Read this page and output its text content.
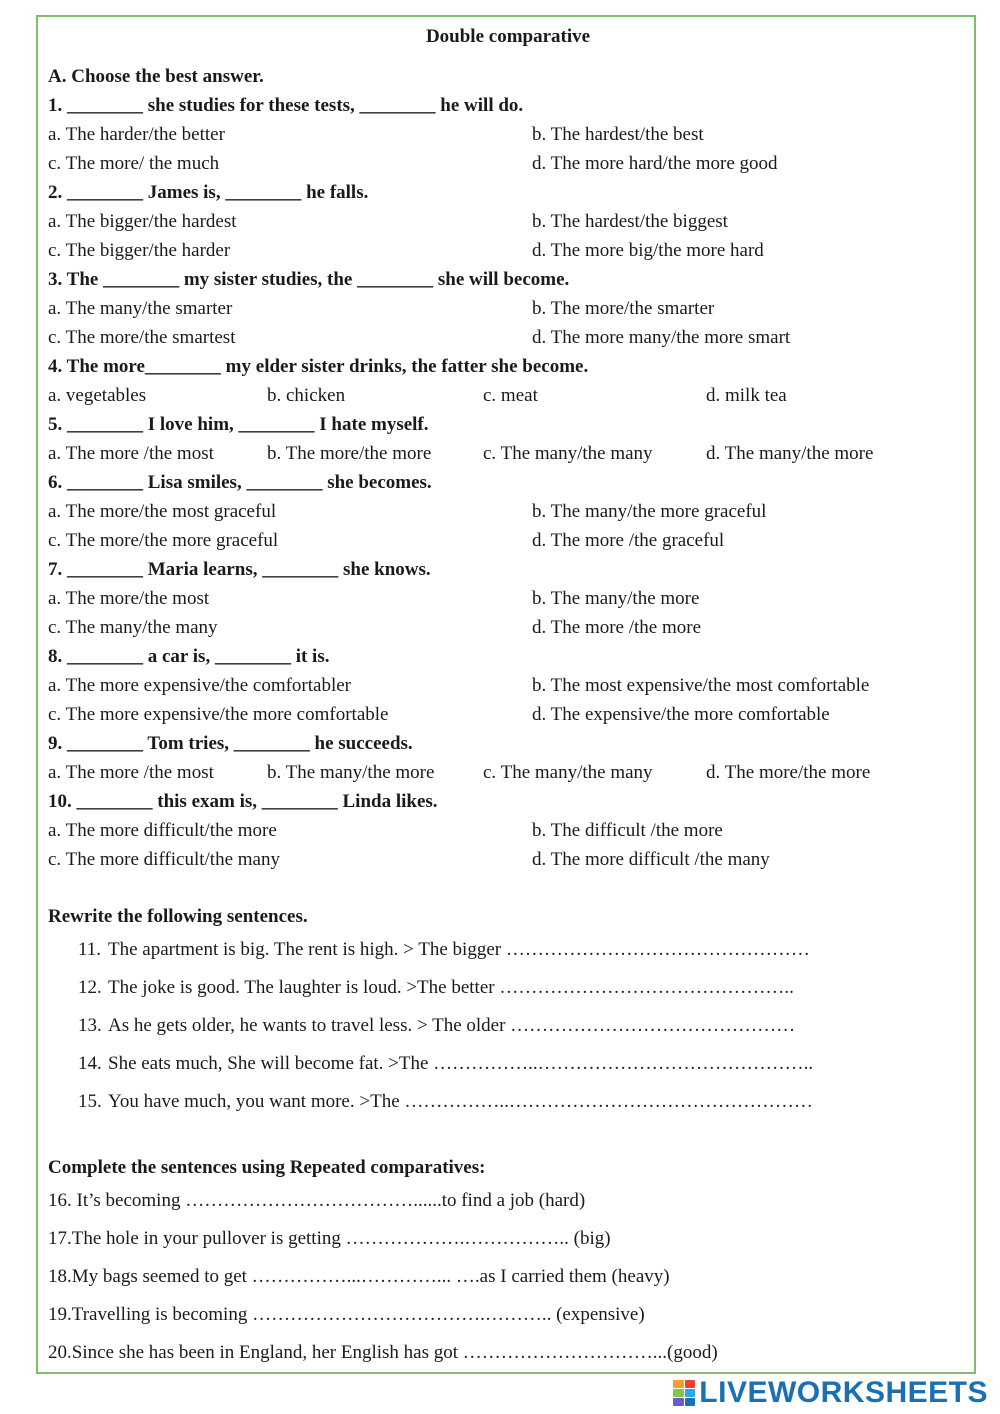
Double comparative
A. Choose the best answer.
1. ________ she studies for these tests, ________ he will do.
a. The harder/the better	b. The hardest/the best
c. The more/ the much	d. The more hard/the more good
2. ________ James is, ________ he falls.
a. The bigger/the hardest	b. The hardest/the biggest
c. The bigger/the harder	d. The more big/the more hard
3. The ________ my sister studies, the ________ she will become.
a. The many/the smarter	b. The more/the smarter
c. The more/the smartest	d. The more many/the more smart
4. The more________ my elder sister drinks, the fatter she become.
a. vegetables	b. chicken	c. meat	d. milk tea
5. ________ I love him, ________ I hate myself.
a. The more /the most	b. The more/the more	c. The many/the many	d. The many/the more
6. ________ Lisa smiles, ________ she becomes.
a. The more/the most graceful	b. The many/the more graceful
c. The more/the more graceful	d. The more /the graceful
7. ________ Maria learns, ________ she knows.
a. The more/the most	b. The many/the more
c. The many/the many	d. The more /the more
8. ________ a car is, ________ it is.
a. The more expensive/the comfortabler	b. The most expensive/the most comfortable
c. The more expensive/the more comfortable	d. The expensive/the more comfortable
9. ________ Tom tries, ________ he succeeds.
a. The more /the most	b. The many/the more	c. The many/the many	d. The more/the more
10. ________ this exam is, ________ Linda likes.
a. The more difficult/the more	b. The difficult /the more
c. The more difficult/the many	d. The more difficult /the many
Rewrite the following sentences.
11. The apartment is big. The rent is high. > The bigger …………………………………………
12. The joke is good. The laughter is loud. >The better ………………………………………..
13. As he gets older, he wants to travel less. > The older ………………………………………
14. She eats much, She will become fat. >The ……………..……………………………………..
15. You have much, you want more. >The ……………..…………………………………………
Complete the sentences using Repeated comparatives:
16. It’s becoming ………………………………......to find a job (hard)
17.The hole in your pullover is getting ……………….…………….. (big)
18.My bags seemed to get ……………...…………... ….as I carried them (heavy)
19.Travelling is becoming ……………………………….……….. (expensive)
20.Since she has been in England, her English has got …………………………...(good)
LIVEWORKSHEETS
